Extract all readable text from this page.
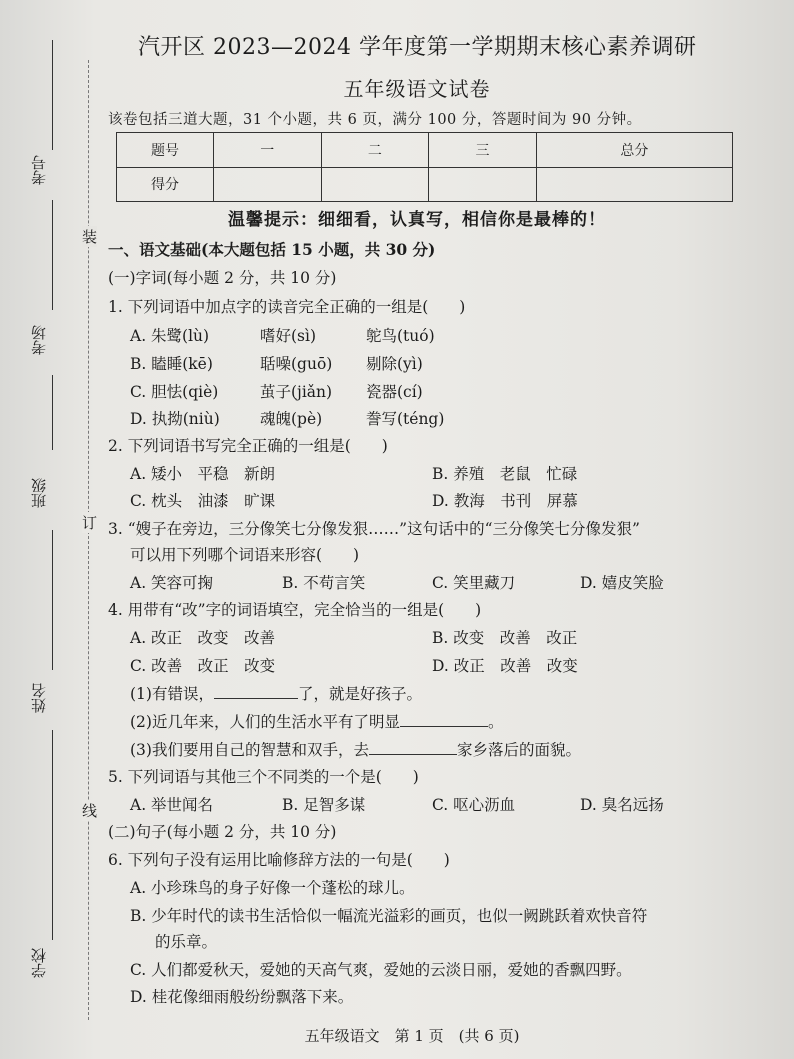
考号
考场
班级
姓名
学校
装
订
线
汽开区 2023—2024 学年度第一学期期末核心素养调研
五年级语文试卷
该卷包括三道大题，31 个小题，共 6 页，满分 100 分，答题时间为 90 分钟。
题号	一	二	三	总分
得分				
温馨提示：细细看，认真写，相信你是最棒的！
一、语文基础(本大题包括 15 小题，共 30 分)
(一)字词(每小题 2 分，共 10 分)
1. 下列词语中加点字的读音完全正确的一组是(　　)
A. 朱鹭(lù)	嗜好(sì)	鸵鸟(tuó)
B. 瞌睡(kē)	聒噪(guō) 剔除(yì)
C. 胆怯(qiè)	茧子(jiǎn) 瓷器(cí)
D. 执拗(niù)	魂魄(pè)	誊写(téng)
2. 下列词语书写完全正确的一组是(　　)
A. 矮小　平稳　新朗	B. 养殖　老鼠　忙碌
C. 枕头　油漆　旷课	D. 教海　书刊　屏慕
3. “嫂子在旁边，三分像笑七分像发狠……”这句话中的“三分像笑七分像发狠”
可以用下列哪个词语来形容(　　)
A. 笑容可掬	B. 不苟言笑	C. 笑里藏刀	D. 嬉皮笑脸
4. 用带有“改”字的词语填空，完全恰当的一组是(　　)
A. 改正　改变　改善	B. 改变　改善　改正
C. 改善　改正　改变	D. 改正　改善　改变
(1)有错误，	了，就是好孩子。
(2)近几年来，人们的生活水平有了明显	。
(3)我们要用自己的智慧和双手，去	家乡落后的面貌。
5. 下列词语与其他三个不同类的一个是(　　)
A. 举世闻名	B. 足智多谋	C. 呕心沥血	D. 臭名远扬
(二)句子(每小题 2 分，共 10 分)
6. 下列句子没有运用比喻修辞方法的一句是(　　)
A. 小珍珠鸟的身子好像一个蓬松的球儿。
B. 少年时代的读书生活恰似一幅流光溢彩的画页，也似一阙跳跃着欢快音符
的乐章。
C. 人们都爱秋天，爱她的天高气爽，爱她的云淡日丽，爱她的香飘四野。
D. 桂花像细雨般纷纷飘落下来。
五年级语文　第 1 页　(共 6 页)
